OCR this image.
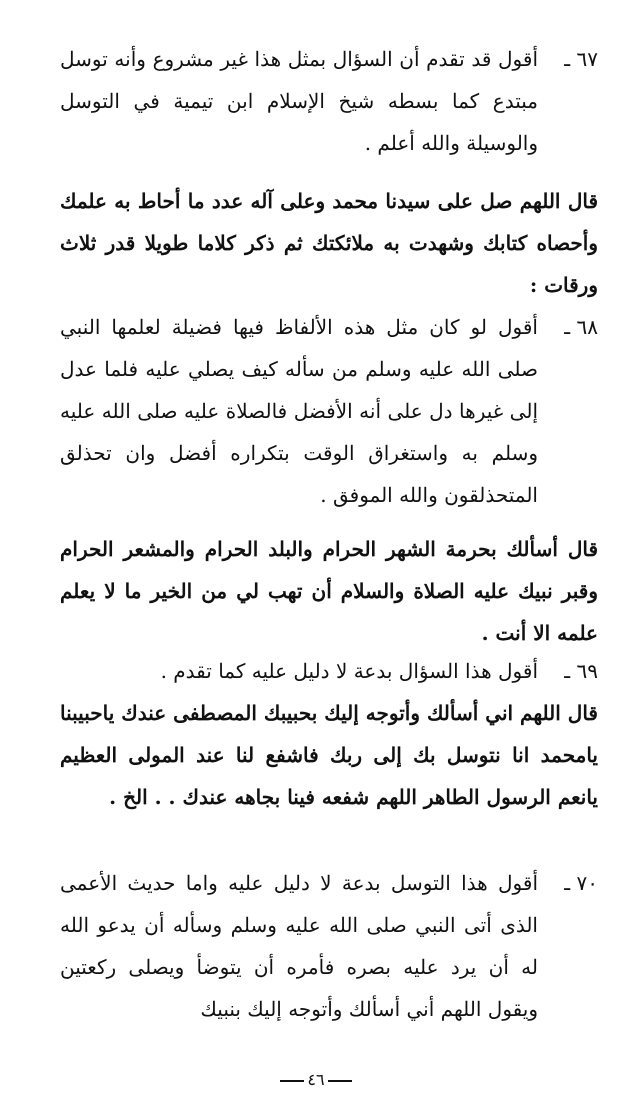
٦٧ ـ
أقول قد تقدم أن السؤال بمثل هذا غير مشروع وأنه توسل مبتدع كما بسطه شيخ الإسلام ابن تيمية في التوسل والوسيلة والله أعلم .
قال اللهم صل على سيدنا محمد وعلى آله عدد ما أحاط به علمك وأحصاه كتابك وشهدت به ملائكتك ثم ذكر كلاما طويلا قدر ثلاث ورقات :
٦٨ ـ
أقول لو كان مثل هذه الألفاظ فيها فضيلة لعلمها النبي صلى الله عليه وسلم من سأله كيف يصلي عليه فلما عدل إلى غيرها دل على أنه الأفضل فالصلاة عليه صلى الله عليه وسلم به واستغراق الوقت بتكراره أفضل وان تحذلق المتحذلقون والله الموفق .
قال أسألك بحرمة الشهر الحرام والبلد الحرام والمشعر الحرام وقبر نبيك عليه الصلاة والسلام أن تهب لي من الخير ما لا يعلم علمه الا أنت .
٦٩ ـ
أقول هذا السؤال بدعة لا دليل عليه كما تقدم .
قال اللهم اني أسألك وأتوجه إليك بحبيبك المصطفى عندك ياحبيبنا يامحمد انا نتوسل بك إلى ربك فاشفع لنا عند المولى العظيم يانعم الرسول الطاهر اللهم شفعه فينا بجاهه عندك . . الخ .
٧٠ ـ
أقول هذا التوسل بدعة لا دليل عليه واما حديث الأعمى الذى أتى النبي صلى الله عليه وسلم وسأله أن يدعو الله له أن يرد عليه بصره فأمره أن يتوضأ ويصلى ركعتين ويقول اللهم أني أسألك وأتوجه إليك بنبيك
٤٦
